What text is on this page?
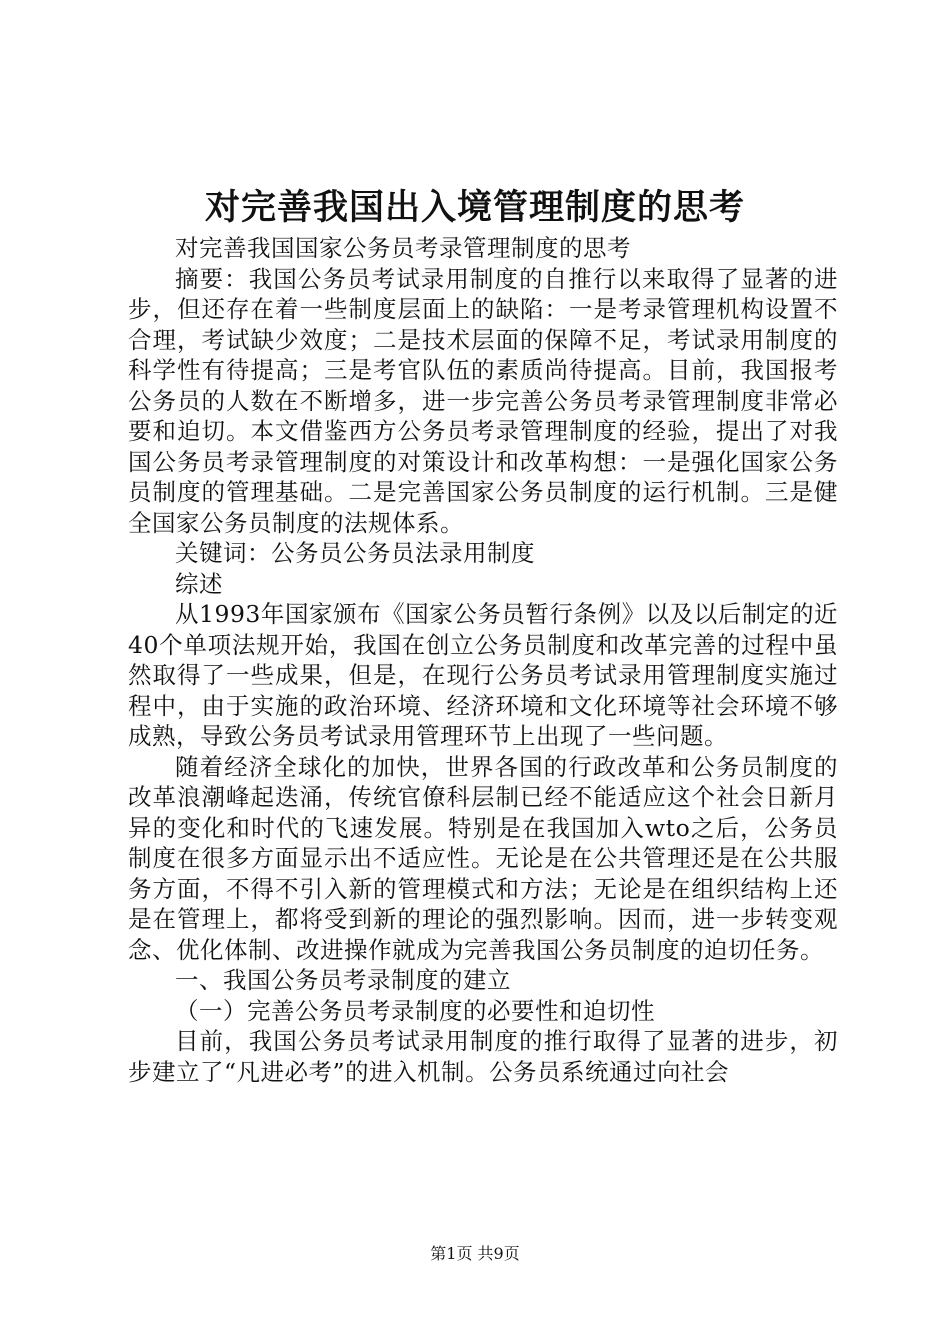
对完善我国出入境管理制度的思考

对完善我国国家公务员考录管理制度的思考

摘要：我国公务员考试录用制度的自推行以来取得了显著的进步，但还存在着一些制度层面上的缺陷：一是考录管理机构设置不合理，考试缺少效度；二是技术层面的保障不足，考试录用制度的科学性有待提高；三是考官队伍的素质尚待提高。目前，我国报考公务员的人数在不断增多，进一步完善公务员考录管理制度非常必要和迫切。本文借鉴西方公务员考录管理制度的经验，提出了对我国公务员考录管理制度的对策设计和改革构想：一是强化国家公务员制度的管理基础。二是完善国家公务员制度的运行机制。三是健全国家公务员制度的法规体系。

关键词：公务员公务员法录用制度

综述

从1993年国家颁布《国家公务员暂行条例》以及以后制定的近40个单项法规开始，我国在创立公务员制度和改革完善的过程中虽然取得了一些成果，但是，在现行公务员考试录用管理制度实施过程中，由于实施的政治环境、经济环境和文化环境等社会环境不够成熟，导致公务员考试录用管理环节上出现了一些问题。

随着经济全球化的加快，世界各国的行政改革和公务员制度的改革浪潮峰起迭涌，传统官僚科层制已经不能适应这个社会日新月异的变化和时代的飞速发展。特别是在我国加入wto之后，公务员制度在很多方面显示出不适应性。无论是在公共管理还是在公共服务方面，不得不引入新的管理模式和方法；无论是在组织结构上还是在管理上，都将受到新的理论的强烈影响。因而，进一步转变观念、优化体制、改进操作就成为完善我国公务员制度的迫切任务。

一、我国公务员考录制度的建立

（一）完善公务员考录制度的必要性和迫切性

目前，我国公务员考试录用制度的推行取得了显著的进步，初步建立了“凡进必考”的进入机制。公务员系统通过向社会

第1页 共9页
